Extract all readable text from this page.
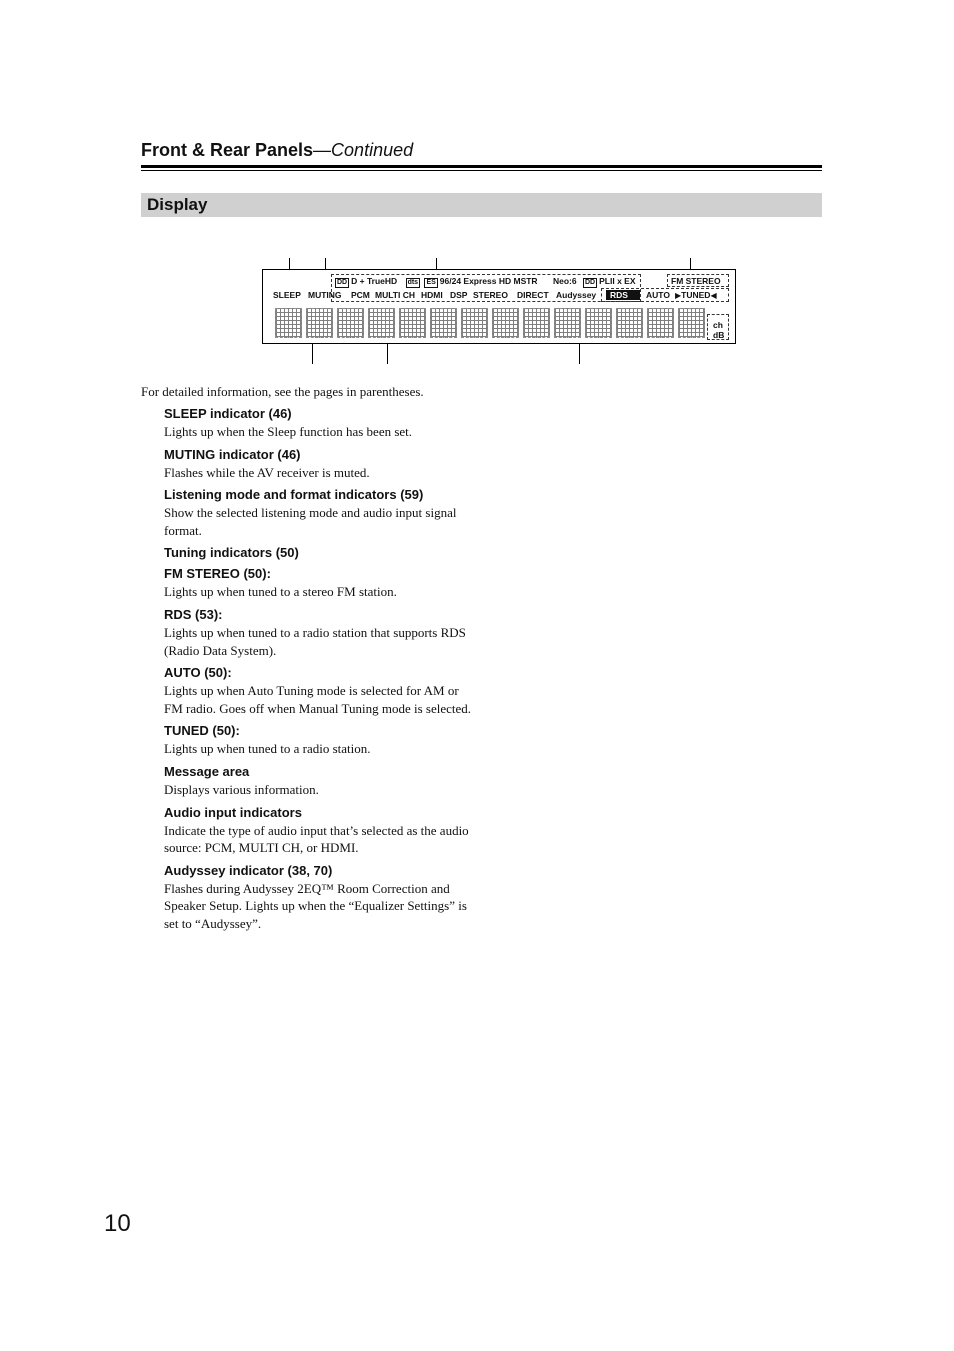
Front & Rear Panels—Continued
Display
SLEEP MUTING
DD D + TrueHD dts ES 96/24 Express HD MSTR Neo:6 DD PLII x EX	FM STEREO
PCM MULTI CH HDMI DSP STEREO DIRECT Audyssey	RDS	AUTO ▶TUNED◀
ch
dB
For detailed information, see the pages in parentheses.
SLEEP indicator (46)

Lights up when the Sleep function has been set.

MUTING indicator (46)

Flashes while the AV receiver is muted.

Listening mode and format indicators (59)

Show the selected listening mode and audio input signal format.

Tuning indicators (50)
FM STEREO (50):

Lights up when tuned to a stereo FM station.

RDS (53):

Lights up when tuned to a radio station that supports RDS (Radio Data System).

AUTO (50):

Lights up when Auto Tuning mode is selected for AM or FM radio. Goes off when Manual Tuning mode is selected.

TUNED (50):

Lights up when tuned to a radio station.

Message area

Displays various information.

Audio input indicators

Indicate the type of audio input that’s selected as the audio source: PCM, MULTI CH, or HDMI.

Audyssey indicator (38, 70)

Flashes during Audyssey 2EQ™ Room Correction and Speaker Setup. Lights up when the “Equalizer Settings” is set to “Audyssey”.

10
